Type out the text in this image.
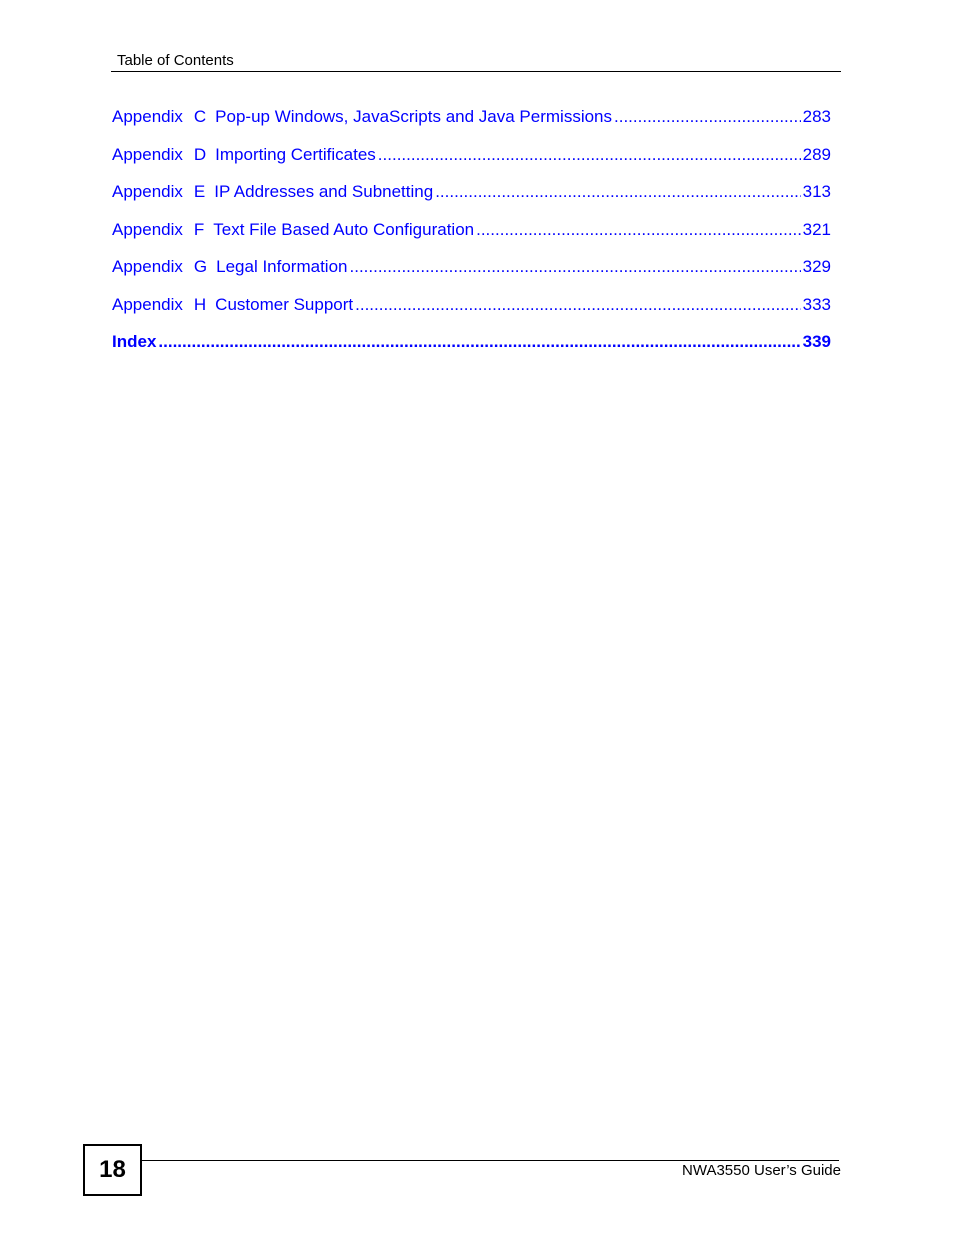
Table of Contents
Appendix C Pop-up Windows, JavaScripts and Java Permissions .....	283
Appendix D Importing Certificates .....	289
Appendix E IP Addresses and Subnetting .....	313
Appendix F Text File Based Auto Configuration .....	321
Appendix G Legal Information .....	329
Appendix H Customer Support .....	333
Index .....	339
18	NWA3550 User’s Guide
